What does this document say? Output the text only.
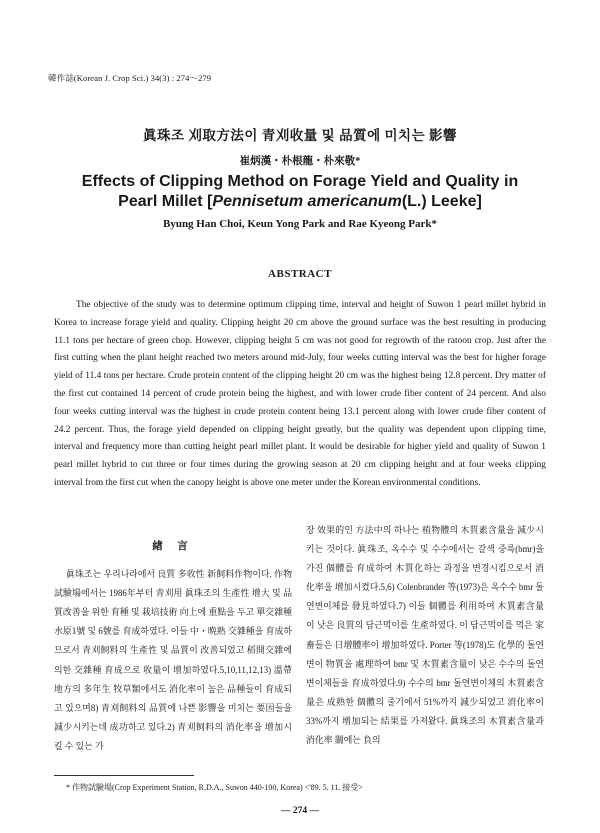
韓作誌(Korean J. Crop Sci.) 34(3) : 274～279
眞珠조 刈取方法이 青刈收量 및 品質에 미치는 影響
崔炳漢・朴根龍・朴來敬*
Effects of Clipping Method on Forage Yield and Quality in
Pearl Millet [Pennisetum americanum(L.) Leeke]
Byung Han Choi, Keun Yong Park and Rae Kyeong Park*
ABSTRACT
The objective of the study was to determine optimum clipping time, interval and height of Suwon 1 pearl millet hybrid in Korea to increase forage yield and quality. Clipping height 20 cm above the ground surface was the best resulting in producing 11.1 tons per hectare of green chop. However, clipping height 5 cm was not good for regrowth of the ratoon crop. Just after the first cutting when the plant height reached two meters around mid-July, four weeks cutting interval was the best for higher forage yield of 11.4 tons per hectare. Crude protein content of the clipping height 20 cm was the highest being 12.8 percent. Dry matter of the first cut contained 14 percent of crude protein being the highest, and with lower crude fiber content of 24 percent. And also four weeks cutting interval was the highest in crude protein content being 13.1 percent along with lower crude fiber content of 24.2 percent. Thus, the forage yield depended on clipping height greatly, but the quality was dependent upon clipping time, interval and frequency more than cutting height pearl millet plant. It would be desirable for higher yield and quality of Suwon 1 pearl millet hybrid to cut three or four times during the growing season at 20 cm clipping height and at four weeks clipping interval from the first cut when the canopy height is above one meter under the Korean environmental conditions.

緖 言

眞珠조는 우리나라에서 良質 多收性 新飼料作物이다. 作物試驗場에서는 1986年부터 青刈用 眞珠조의 生產性 增大 및 品質改善을 위한 育種 및 栽培技術 向上에 重點을 두고 單交雜種 水原1號 및 6號를 育成하였다. 이들 中・晩熟 交雜種을 育成하므로서 青刈飼料의 生產性 및 品質이 改善되었고 稻開交雜에 의한 交雜種 育成으로 收量이 增加하였다.5,10,11,12,13) 溫帶地方의 多年生 牧草類에서도 消化率이 높은 品種들이 育成되고 있으며8) 青刈飼料의 品質에 나쁜 影響을 미치는 要因들을 減少시키는데 成功하고 있다.2) 青刈飼料의 消化率을 增加시킬 수 있는 가

장 效果的인 方法中의 하나는 植物體의 木質素含量을 減少시키는 것이다. 眞珠조, 옥수수 및 수수에서는 갈색 중륵(bmr)을 가진 個體를 育成하여 木質化하는 과정을 변경시킴으로서 消化率을 增加시켰다.5,6) Colenbrander 等(1973)은 옥수수 bmr 돌연변이체를 發見하였다.7) 이들 個體를 利用하여 木質素含量이 낮은 良質의 담근먹이를 生產하였다. 이 담근먹이를 먹은 家畜들은 日增體率이 增加하였다. Porter 等(1978)도 化學的 돌연변이 物質을 處理하여 bmr 및 木質素含量이 낮은 수수의 돌연변이체들을 育成하였다.9) 수수의 bmr 돌연변이체의 木質素含量은 成熟한 個體의 줄기에서 51%까지 減少되었고 消化率이 33%까지 增加되는 結果를 가져왔다. 眞珠조의 木質素含量과 消化率 關에는 負의

* 作物試驗場(Crop Experiment Station, R.D.A., Suwon 440-100, Korea) <'89. 5. 11. 接受>
— 274 —
